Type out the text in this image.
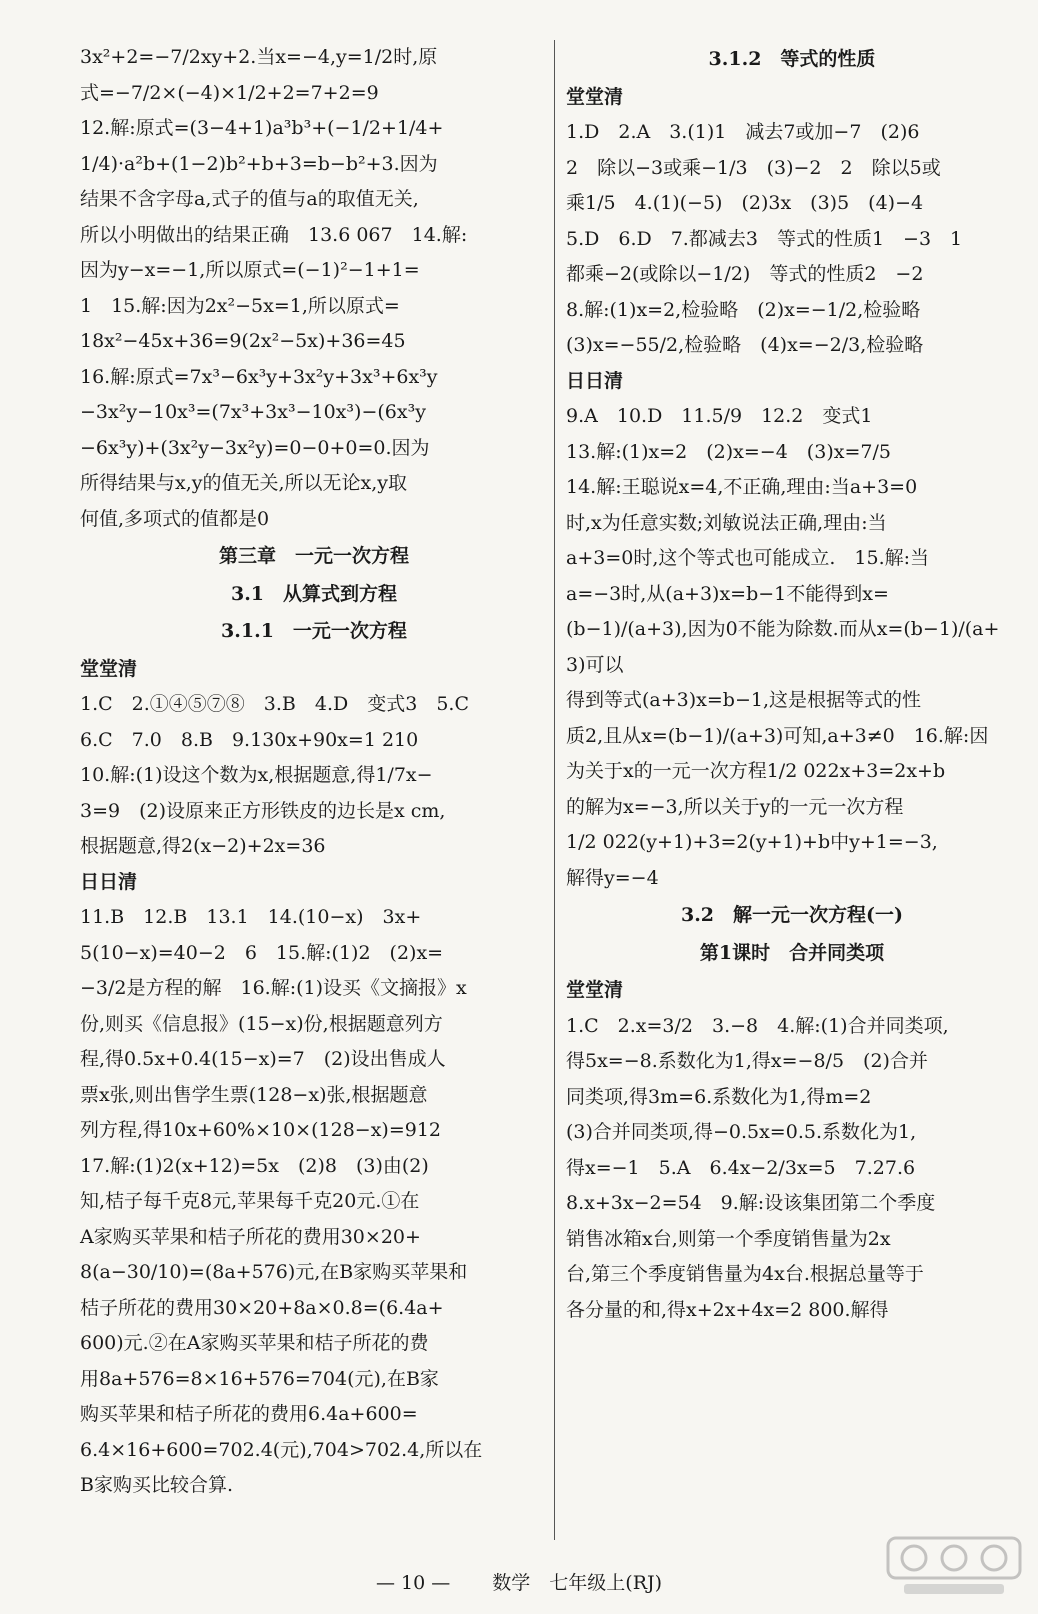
3x²+2=−7/2xy+2.当x=−4,y=1/2时,原
式=−7/2×(−4)×1/2+2=7+2=9
12.解:原式=(3−4+1)a³b³+(−1/2+1/4+
1/4)·a²b+(1−2)b²+b+3=b−b²+3.因为
结果不含字母a,式子的值与a的取值无关,
所以小明做出的结果正确　13.6 067　14.解:
因为y−x=−1,所以原式=(−1)²−1+1=
1　15.解:因为2x²−5x=1,所以原式=
18x²−45x+36=9(2x²−5x)+36=45
16.解:原式=7x³−6x³y+3x²y+3x³+6x³y
−3x²y−10x³=(7x³+3x³−10x³)−(6x³y
−6x³y)+(3x²y−3x²y)=0−0+0=0.因为
所得结果与x,y的值无关,所以无论x,y取
何值,多项式的值都是0
第三章　一元一次方程
3.1　从算式到方程
3.1.1　一元一次方程
堂堂清
1.C　2.①④⑤⑦⑧　3.B　4.D　变式3　5.C
6.C　7.0　8.B　9.130x+90x=1 210
10.解:(1)设这个数为x,根据题意,得1/7x−
3=9　(2)设原来正方形铁皮的边长是x cm,
根据题意,得2(x−2)+2x=36
日日清
11.B　12.B　13.1　14.(10−x)　3x+
5(10−x)=40−2　6　15.解:(1)2　(2)x=
−3/2是方程的解　16.解:(1)设买《文摘报》x
份,则买《信息报》(15−x)份,根据题意列方
程,得0.5x+0.4(15−x)=7　(2)设出售成人
票x张,则出售学生票(128−x)张,根据题意
列方程,得10x+60%×10×(128−x)=912
17.解:(1)2(x+12)=5x　(2)8　(3)由(2)
知,桔子每千克8元,苹果每千克20元.①在
A家购买苹果和桔子所花的费用30×20+
8(a−30/10)=(8a+576)元,在B家购买苹果和
桔子所花的费用30×20+8a×0.8=(6.4a+
600)元.②在A家购买苹果和桔子所花的费
用8a+576=8×16+576=704(元),在B家
购买苹果和桔子所花的费用6.4a+600=
6.4×16+600=702.4(元),704>702.4,所以在
B家购买比较合算.
3.1.2　等式的性质
堂堂清
1.D　2.A　3.(1)1　减去7或加−7　(2)6
2　除以−3或乘−1/3　(3)−2　2　除以5或
乘1/5　4.(1)(−5)　(2)3x　(3)5　(4)−4
5.D　6.D　7.都减去3　等式的性质1　−3　1
都乘−2(或除以−1/2)　等式的性质2　−2
8.解:(1)x=2,检验略　(2)x=−1/2,检验略
(3)x=−55/2,检验略　(4)x=−2/3,检验略
日日清
9.A　10.D　11.5/9　12.2　变式1
13.解:(1)x=2　(2)x=−4　(3)x=7/5
14.解:王聪说x=4,不正确,理由:当a+3=0
时,x为任意实数;刘敏说法正确,理由:当
a+3=0时,这个等式也可能成立.　15.解:当
a=−3时,从(a+3)x=b−1不能得到x=
(b−1)/(a+3),因为0不能为除数.而从x=(b−1)/(a+3)可以
得到等式(a+3)x=b−1,这是根据等式的性
质2,且从x=(b−1)/(a+3)可知,a+3≠0　16.解:因
为关于x的一元一次方程1/2 022x+3=2x+b
的解为x=−3,所以关于y的一元一次方程
1/2 022(y+1)+3=2(y+1)+b中y+1=−3,
解得y=−4
3.2　解一元一次方程(一)
第1课时　合并同类项
堂堂清
1.C　2.x=3/2　3.−8　4.解:(1)合并同类项,
得5x=−8.系数化为1,得x=−8/5　(2)合并
同类项,得3m=6.系数化为1,得m=2
(3)合并同类项,得−0.5x=0.5.系数化为1,
得x=−1　5.A　6.4x−2/3x=5　7.27.6
8.x+3x−2=54　9.解:设该集团第二个季度
销售冰箱x台,则第一个季度销售量为2x
台,第三个季度销售量为4x台.根据总量等于
各分量的和,得x+2x+4x=2 800.解得
— 10 — 数学　七年级上(RJ)
